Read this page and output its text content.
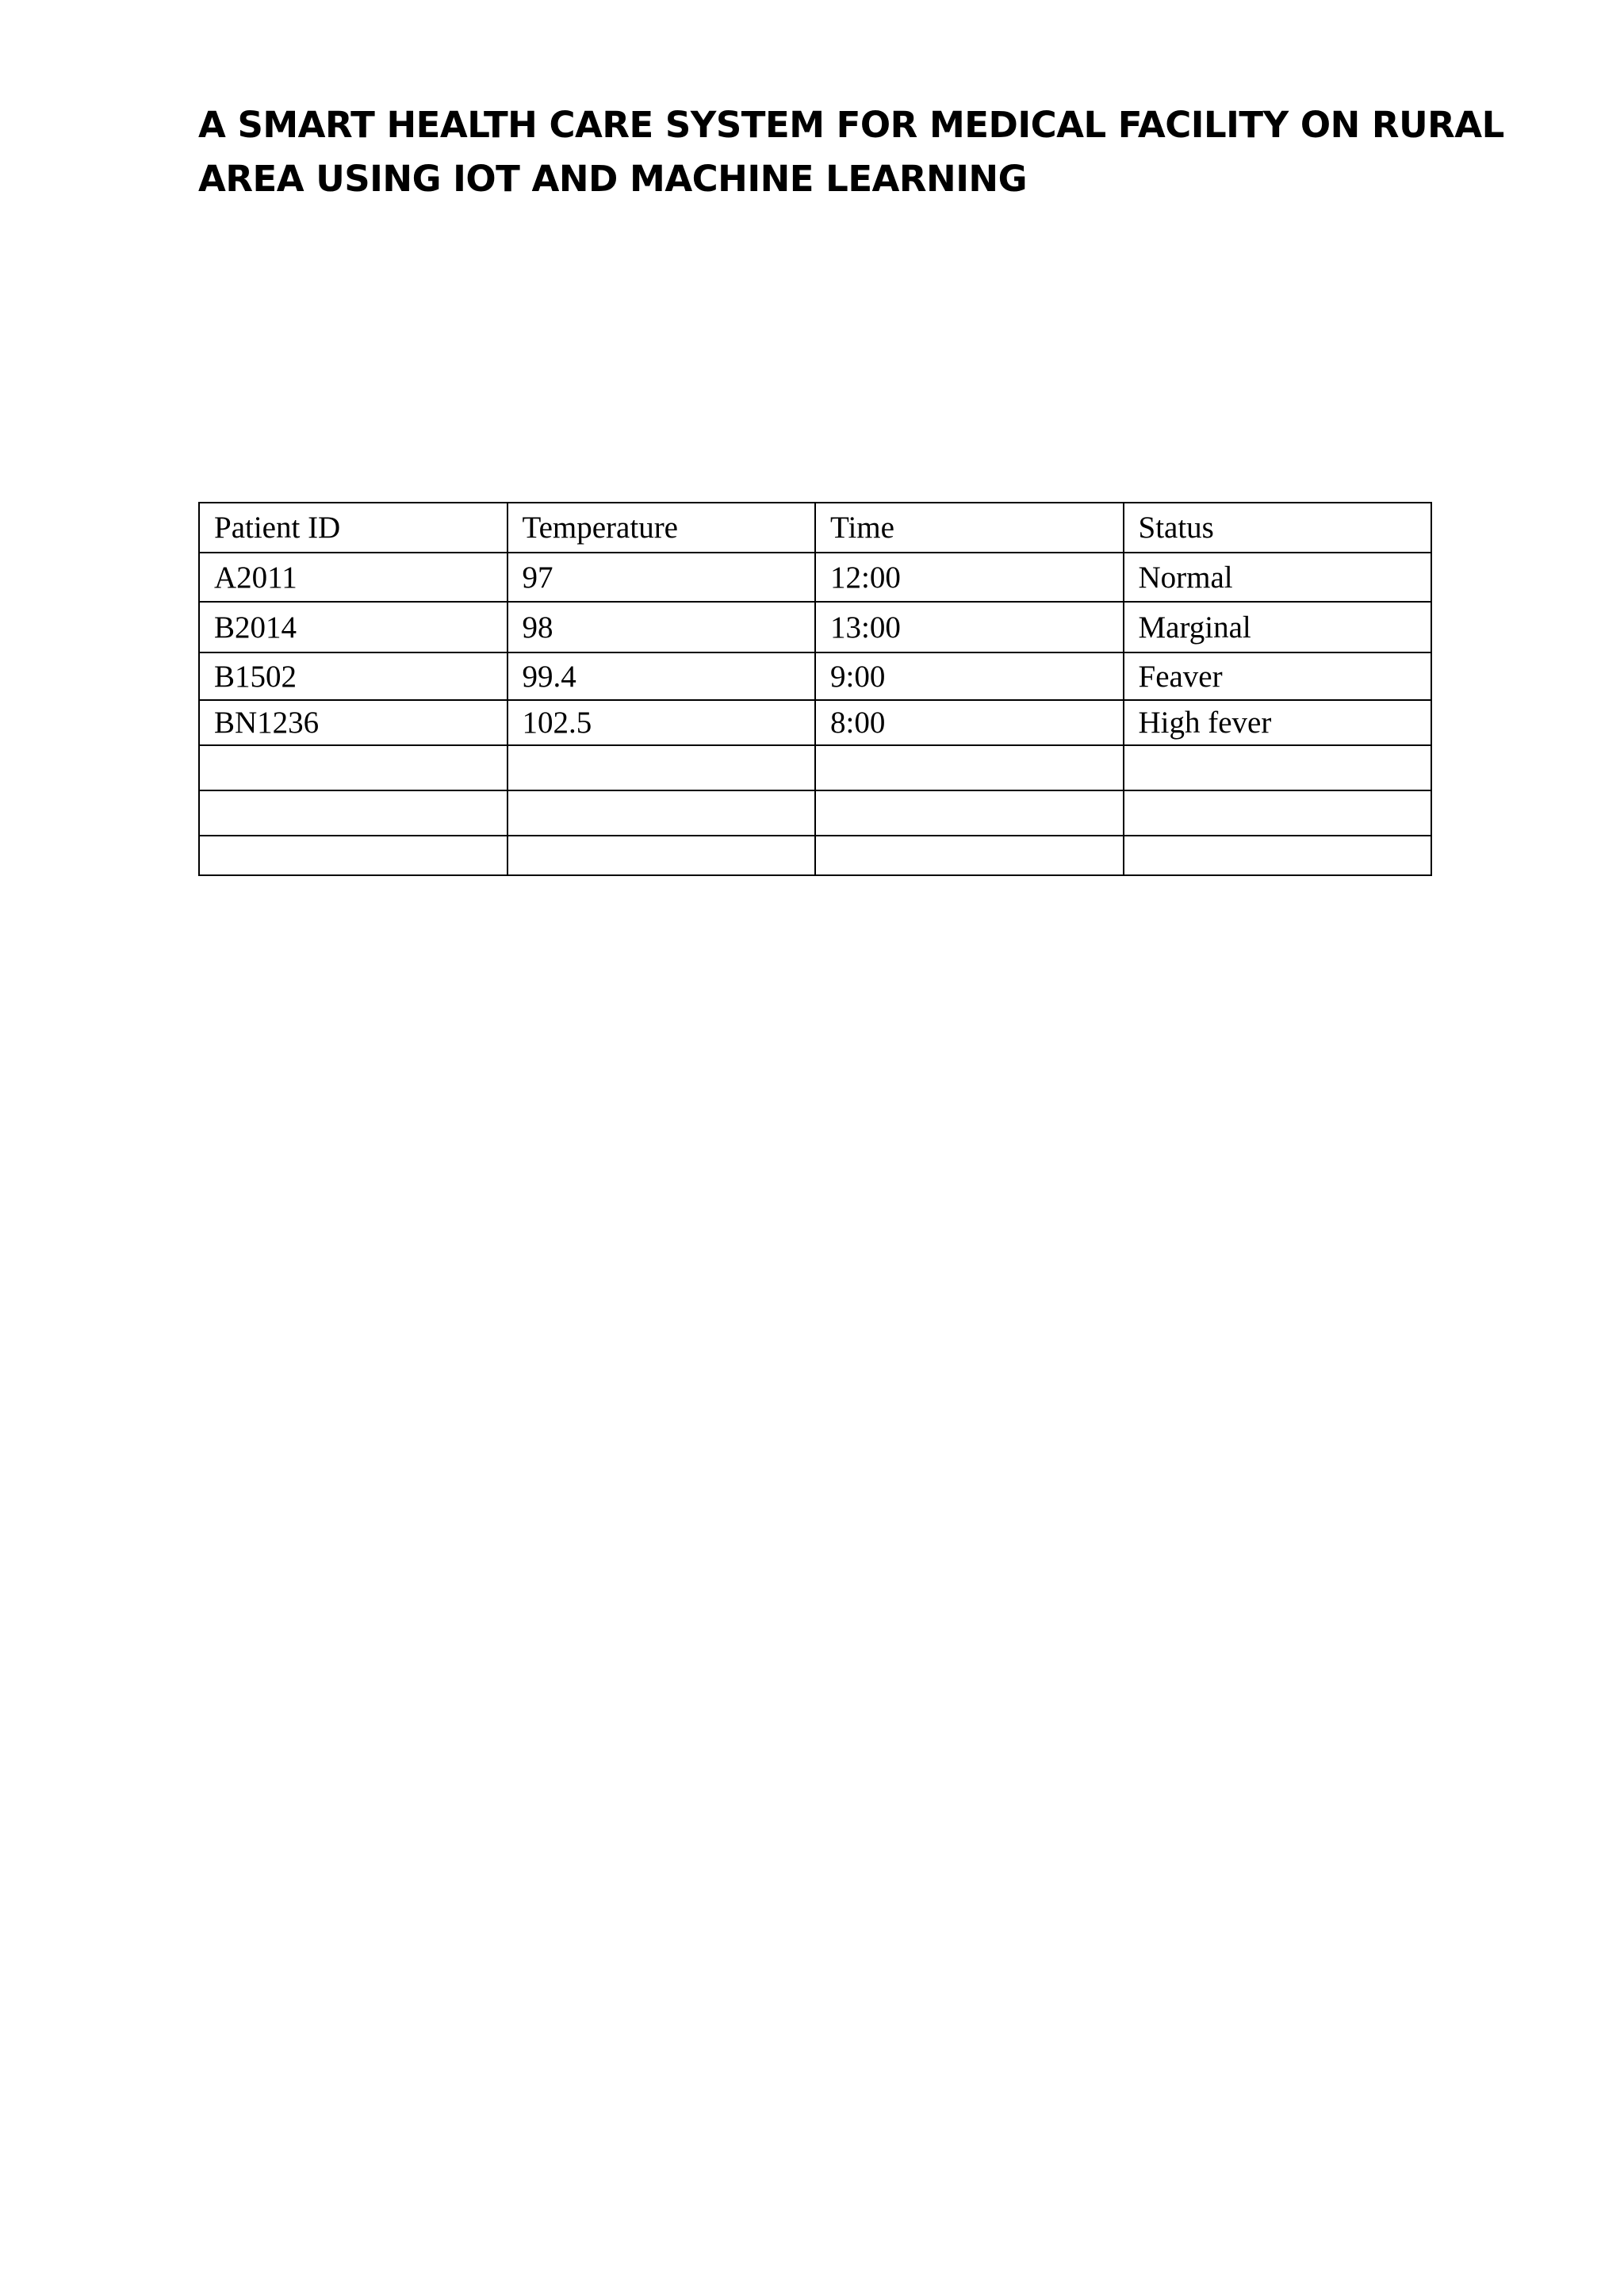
A SMART HEALTH CARE SYSTEM FOR MEDICAL FACILITY ON RURAL
AREA USING IOT AND MACHINE LEARNING
Patient ID	Temperature	Time	Status
A2011	97	12:00	Normal
B2014	98	13:00	Marginal
B1502	99.4	9:00	Feaver
BN1236	102.5	8:00	High fever
